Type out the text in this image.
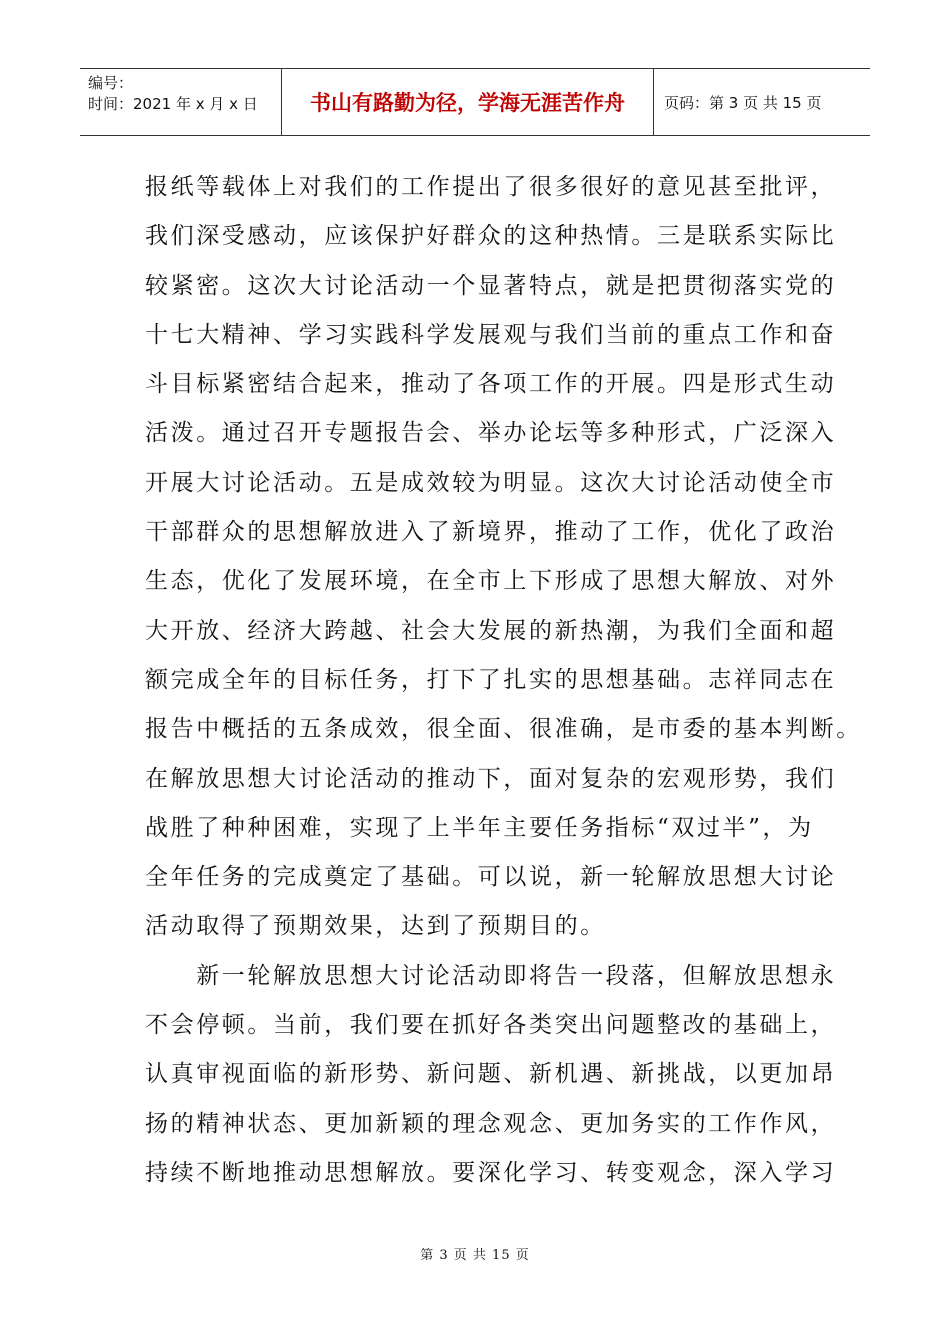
编号：
时间：2021 年 x 月 x 日	书山有路勤为径，学海无涯苦作舟	页码：第 3 页 共 15 页
报纸等载体上对我们的工作提出了很多很好的意见甚至批评，
我们深受感动，应该保护好群众的这种热情。三是联系实际比
较紧密。这次大讨论活动一个显著特点，就是把贯彻落实党的
十七大精神、学习实践科学发展观与我们当前的重点工作和奋
斗目标紧密结合起来，推动了各项工作的开展。四是形式生动
活泼。通过召开专题报告会、举办论坛等多种形式，广泛深入
开展大讨论活动。五是成效较为明显。这次大讨论活动使全市
干部群众的思想解放进入了新境界，推动了工作，优化了政治
生态，优化了发展环境，在全市上下形成了思想大解放、对外
大开放、经济大跨越、社会大发展的新热潮，为我们全面和超
额完成全年的目标任务，打下了扎实的思想基础。志祥同志在
报告中概括的五条成效，很全面、很准确，是市委的基本判断。
在解放思想大讨论活动的推动下，面对复杂的宏观形势，我们
战胜了种种困难，实现了上半年主要任务指标“双过半”，为
全年任务的完成奠定了基础。可以说，新一轮解放思想大讨论
活动取得了预期效果，达到了预期目的。
　　新一轮解放思想大讨论活动即将告一段落，但解放思想永
不会停顿。当前，我们要在抓好各类突出问题整改的基础上，
认真审视面临的新形势、新问题、新机遇、新挑战，以更加昂
扬的精神状态、更加新颖的理念观念、更加务实的工作作风，
持续不断地推动思想解放。要深化学习、转变观念，深入学习
第 3 页 共 15 页
